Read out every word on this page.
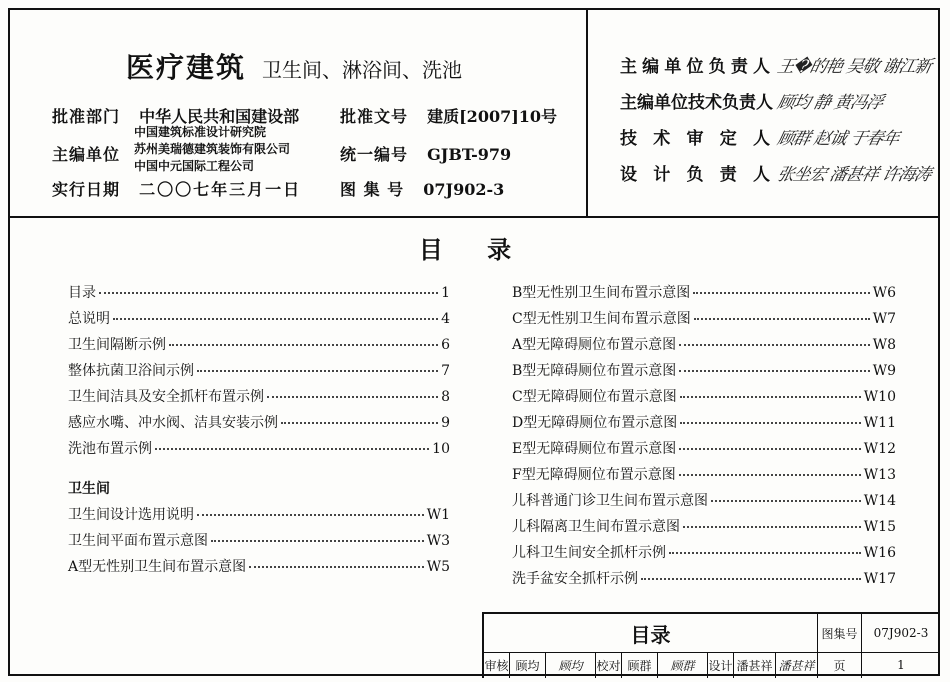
医疗建筑 卫生间、淋浴间、洗池
批准部门 中华人民共和国建设部	批准文号 建质[2007]10号
主编单位
中国建筑标准设计研究院
苏州美瑞德建筑装饰有限公司
中国中元国际工程公司
统一编号 GJBT-979
实行日期 二〇〇七年三月一日 图 集 号 07J902-3
主编单位负责人 王�的艳 吴敬 谢江新
主编单位技术负责人 顾均 静 黄冯浮
技术审定人 顾群 赵诚 于春年
设计负责人 张坐宏 潘甚祥 许海涛
目 录
目录	1
总说明	4
卫生间隔断示例	6
整体抗菌卫浴间示例	7
卫生间洁具及安全抓杆布置示例	8
感应水嘴、冲水阀、洁具安装示例	9
洗池布置示例	10
卫生间
卫生间设计选用说明	W1
卫生间平面布置示意图	W3
A型无性别卫生间布置示意图	W5
B型无性别卫生间布置示意图	W6
C型无性别卫生间布置示意图	W7
A型无障碍厕位布置示意图	W8
B型无障碍厕位布置示意图	W9
C型无障碍厕位布置示意图	W10
D型无障碍厕位布置示意图	W11
E型无障碍厕位布置示意图	W12
F型无障碍厕位布置示意图	W13
儿科普通门诊卫生间布置示意图	W14
儿科隔离卫生间布置示意图	W15
儿科卫生间安全抓杆示例	W16
洗手盆安全抓杆示例	W17
目录	图集号	07J902-3
审核 顾均	顾均	校对 顾群	顾群	设计 潘甚祥 潘甚祥	页	1
